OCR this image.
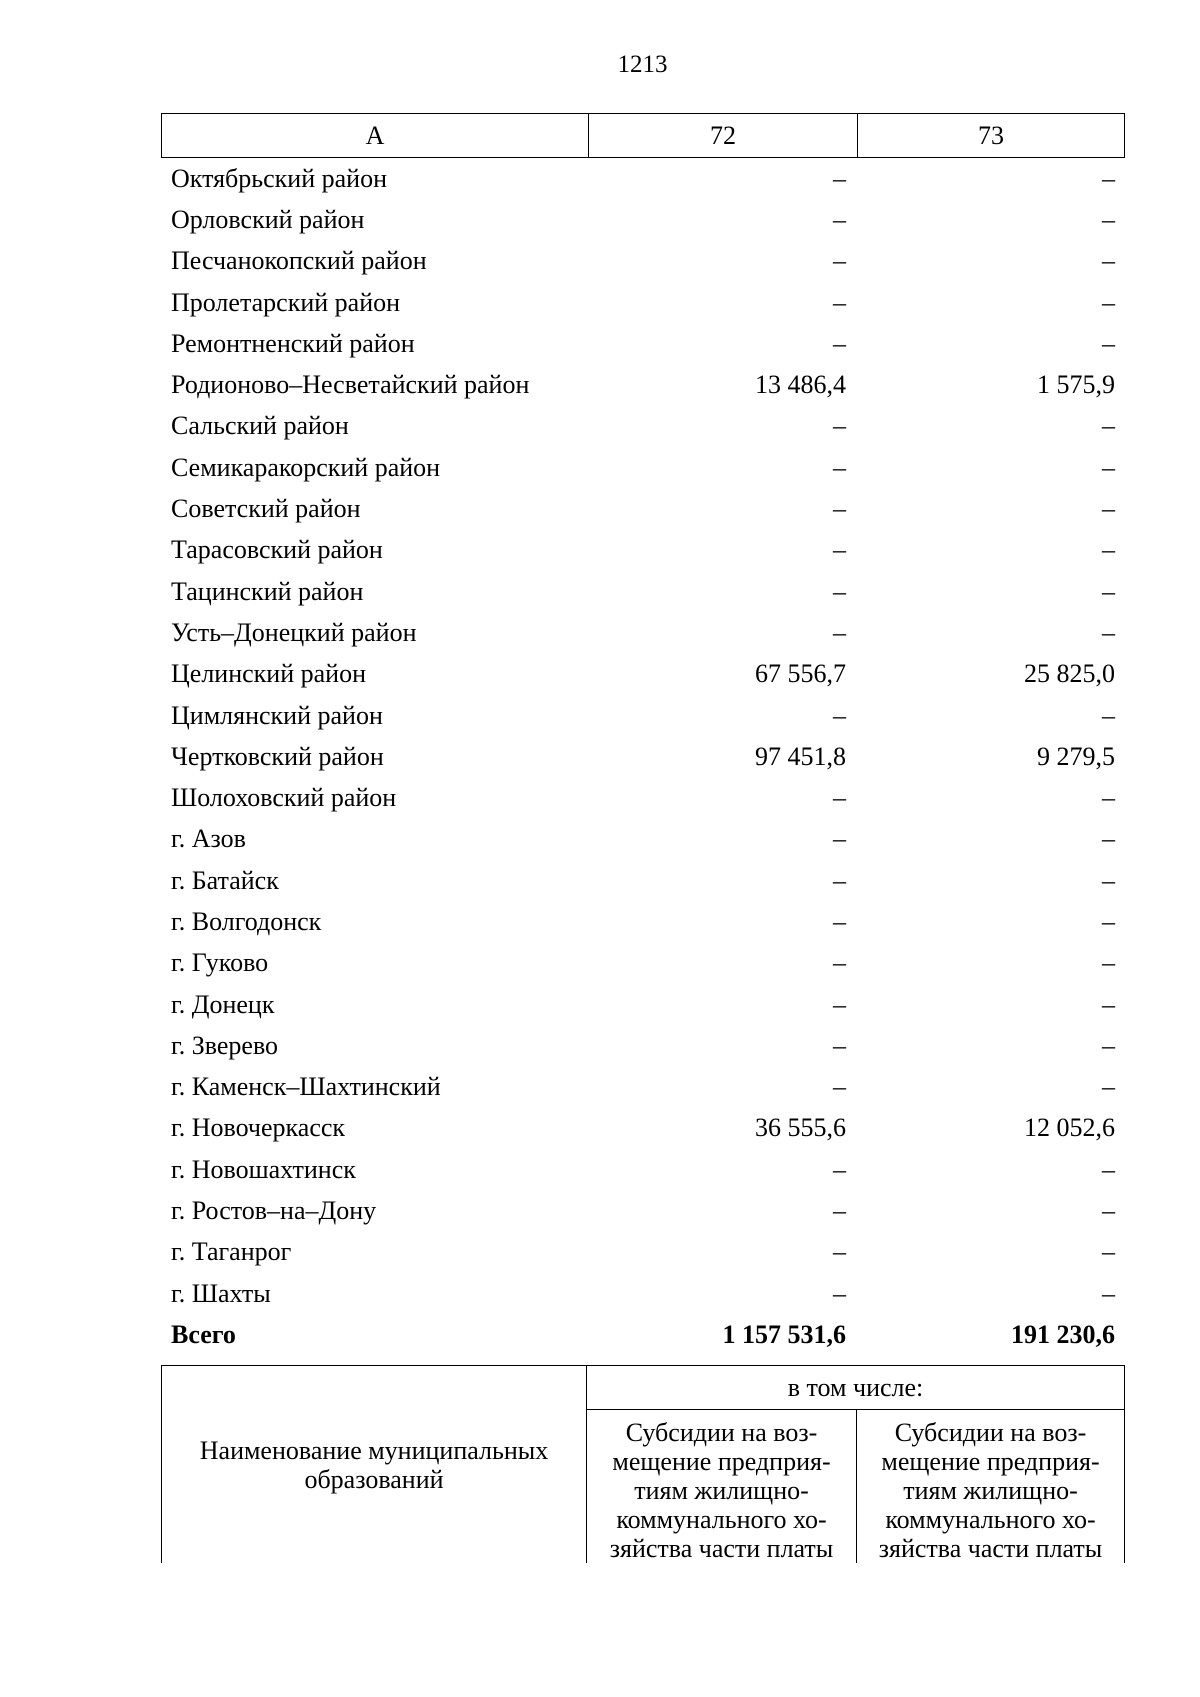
1213
А	72	73
Октябрьский район	–	–
Орловский район	–	–
Песчанокопский район	–	–
Пролетарский район	–	–
Ремонтненский район	–	–
Родионово–Несветайский район	13 486,4	1 575,9
Сальский район	–	–
Семикаракорский район	–	–
Советский район	–	–
Тарасовский район	–	–
Тацинский район	–	–
Усть–Донецкий район	–	–
Целинский район	67 556,7	25 825,0
Цимлянский район	–	–
Чертковский район	97 451,8	9 279,5
Шолоховский район	–	–
г. Азов	–	–
г. Батайск	–	–
г. Волгодонск	–	–
г. Гуково	–	–
г. Донецк	–	–
г. Зверево	–	–
г. Каменск–Шахтинский	–	–
г. Новочеркасск	36 555,6	12 052,6
г. Новошахтинск	–	–
г. Ростов–на–Дону	–	–
г. Таганрог	–	–
г. Шахты	–	–
Всего	1 157 531,6	191 230,6
Наименование муниципальных образований
в том числе:
Субсидии на воз-мещение предприя-тиям жилищно-коммунального хо-зяйства части платы
Субсидии на воз-мещение предприя-тиям жилищно-коммунального хо-зяйства части платы
